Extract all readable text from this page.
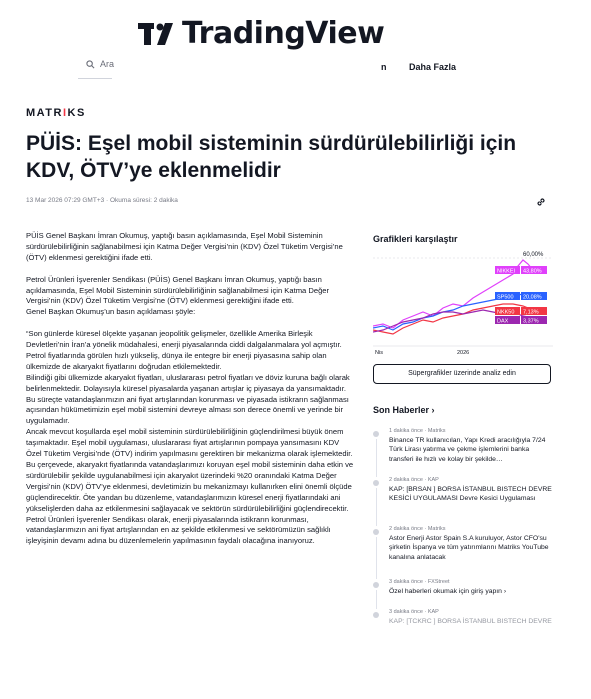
TradingView
Ara	n	Daha Fazla
MATRIKS
PÜİS: Eşel mobil sisteminin sürdürülebilirliği için KDV, ÖTV’ye eklenmelidir
13 Mar 2026 07:29 GMT+3 · Okuma süresi: 2 dakika

PÜİS Genel Başkanı İmran Okumuş, yaptığı basın açıklamasında, Eşel Mobil Sisteminin sürdürülebilirliğinin sağlanabilmesi için Katma Değer Vergisi’nin (KDV) Özel Tüketim Vergisi’ne (ÖTV) eklenmesi gerektiğini ifade etti.

Petrol Ürünleri İşverenler Sendikası (PÜİS) Genel Başkanı İmran Okumuş, yaptığı basın açıklamasında, Eşel Mobil Sisteminin sürdürülebilirliğinin sağlanabilmesi için Katma Değer Vergisi’nin (KDV) Özel Tüketim Vergisi’ne (ÖTV) eklenmesi gerektiğini ifade etti.

Genel Başkan Okumuş’un basın açıklaması şöyle:

“Son günlerde küresel ölçekte yaşanan jeopolitik gelişmeler, özellikle Amerika Birleşik Devletleri’nin İran’a yönelik müdahalesi, enerji piyasalarında ciddi dalgalanmalara yol açmıştır. Petrol fiyatlarında görülen hızlı yükseliş, dünya ile entegre bir enerji piyasasına sahip olan ülkemizde de akaryakıt fiyatlarını doğrudan etkilemektedir.

Bilindiği gibi ülkemizde akaryakıt fiyatları, uluslararası petrol fiyatları ve döviz kuruna bağlı olarak belirlenmektedir. Dolayısıyla küresel piyasalarda yaşanan artışlar iç piyasaya da yansımaktadır.

Bu süreçte vatandaşlarımızın ani fiyat artışlarından korunması ve piyasada istikrarın sağlanması açısından hükümetimizin eşel mobil sistemini devreye alması son derece önemli ve yerinde bir uygulamadır.

Ancak mevcut koşullarda eşel mobil sisteminin sürdürülebilirliğinin güçlendirilmesi büyük önem taşımaktadır. Eşel mobil uygulaması, uluslararası fiyat artışlarının pompaya yansımasını KDV Özel Tüketim Vergisi’nde (ÖTV) indirim yapılmasını gerektiren bir mekanizma olarak işlemektedir.

Bu çerçevede, akaryakıt fiyatlarında vatandaşlarımızı koruyan eşel mobil sisteminin daha etkin ve sürdürülebilir şekilde uygulanabilmesi için akaryakıt üzerindeki %20 oranındaki Katma Değer Vergisi’nin (KDV) ÖTV’ye eklenmesi, devletimizin bu mekanizmayı kullanırken elini önemli ölçüde güçlendirecektir. Öte yandan bu düzenleme, vatandaşlarımızın küresel enerji fiyatlarındaki ani yükselişlerden daha az etkilenmesini sağlayacak ve sektörün sürdürülebilirliğini güçlendirecektir.

Petrol Ürünleri İşverenler Sendikası olarak, enerji piyasalarında istikrarın korunması, vatandaşlarımızın ani fiyat artışlarından en az şekilde etkilenmesi ve sektörümüzün sağlıklı işleyişinin devamı adına bu düzenlemelerin yapılmasının faydalı olacağına inanıyoruz.

Grafikleri karşılaştır
60,00%
NIKKEI 43,80%
SP500 20,08%
NKK50 7,13%
DAX	3,37%
Nis	2026
Süpergrafikler üzerinde analiz edin
Son Haberler ›
1 dakika önce · Matriks
Binance TR kullanıcıları, Yapı Kredi aracılığıyla 7/24 Türk Lirası yatırma ve çekme işlemlerini banka transferi ile hızlı ve kolay bir şekilde…
2 dakika önce · KAP
KAP: [BRSAN ] BORSA İSTANBUL BISTECH DEVRE KESİCİ UYGULAMASI Devre Kesici Uygulaması
2 dakika önce · Matriks
Astor Enerji Astor Spain S.A kuruluyor, Astor CFO'su şirketin İspanya ve tüm yatırımlarını Matriks YouTube kanalına anlatacak
3 dakika önce · FXStreet
Özel haberleri okumak için giriş yapın ›
3 dakika önce · KAP
KAP: [TCKRC ] BORSA İSTANBUL BISTECH DEVRE
